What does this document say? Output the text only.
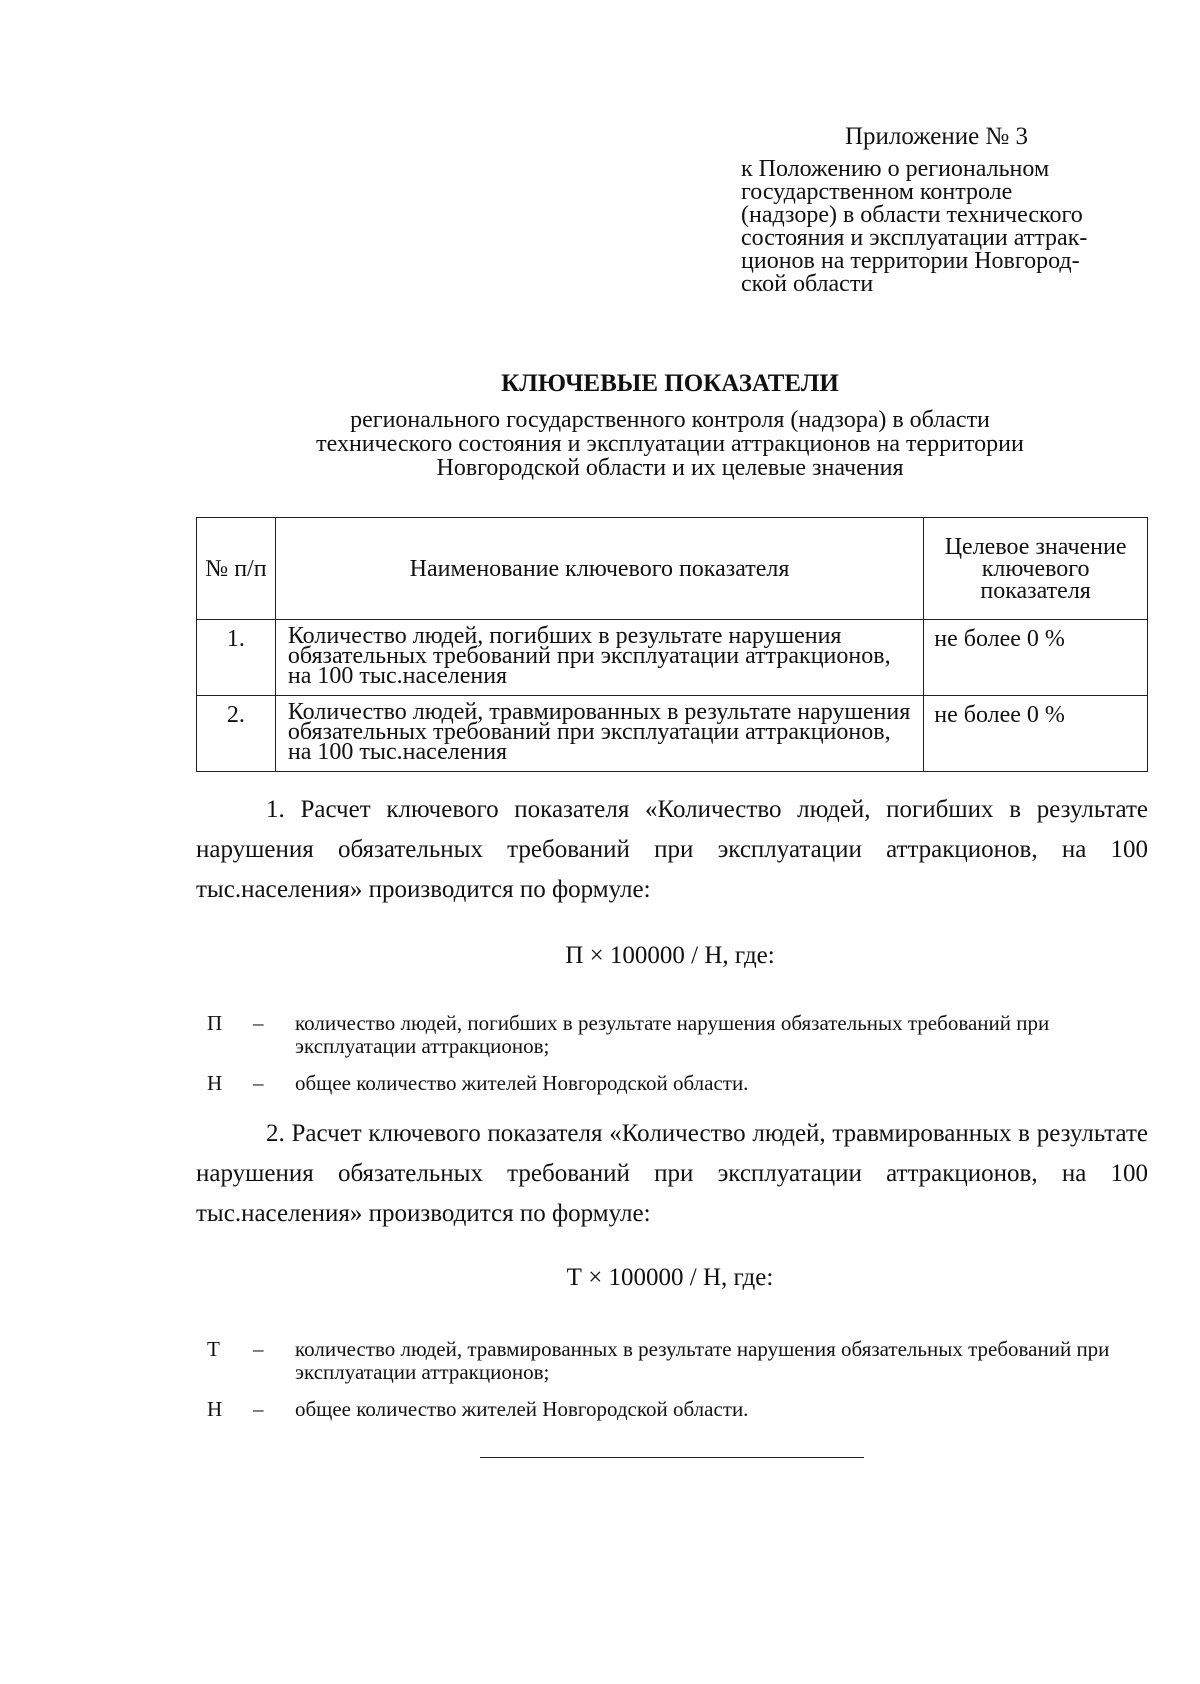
Приложение № 3
к Положению о региональном
государственном контроле
(надзоре) в области технического
состояния и эксплуатации аттрак-
ционов на территории Новгород-
ской области
КЛЮЧЕВЫЕ ПОКАЗАТЕЛИ
регионального государственного контроля (надзора) в области
технического состояния и эксплуатации аттракционов на территории
Новгородской области и их целевые значения
№ п/п	Наименование ключевого показателя	Целевое значение ключевого показателя
1.	Количество людей, погибших в результате нарушения обязательных требований при эксплуатации аттракционов, на 100 тыс.населения	не более 0 %
2.	Количество людей, травмированных в результате нарушения обязательных требований при эксплуатации аттракционов, на 100 тыс.населения	не более 0 %
1. Расчет ключевого показателя «Количество людей, погибших в результате нарушения обязательных требований при эксплуатации аттракционов, на 100 тыс.населения» производится по формуле:
П × 100000 / Н, где:
П – количество людей, погибших в результате нарушения обязательных требований при эксплуатации аттракционов;
Н – общее количество жителей Новгородской области.
2. Расчет ключевого показателя «Количество людей, травмированных в результате нарушения обязательных требований при эксплуатации аттракционов, на 100 тыс.населения» производится по формуле:
Т × 100000 / Н, где:
Т – количество людей, травмированных в результате нарушения обязательных требований при эксплуатации аттракционов;
Н – общее количество жителей Новгородской области.
